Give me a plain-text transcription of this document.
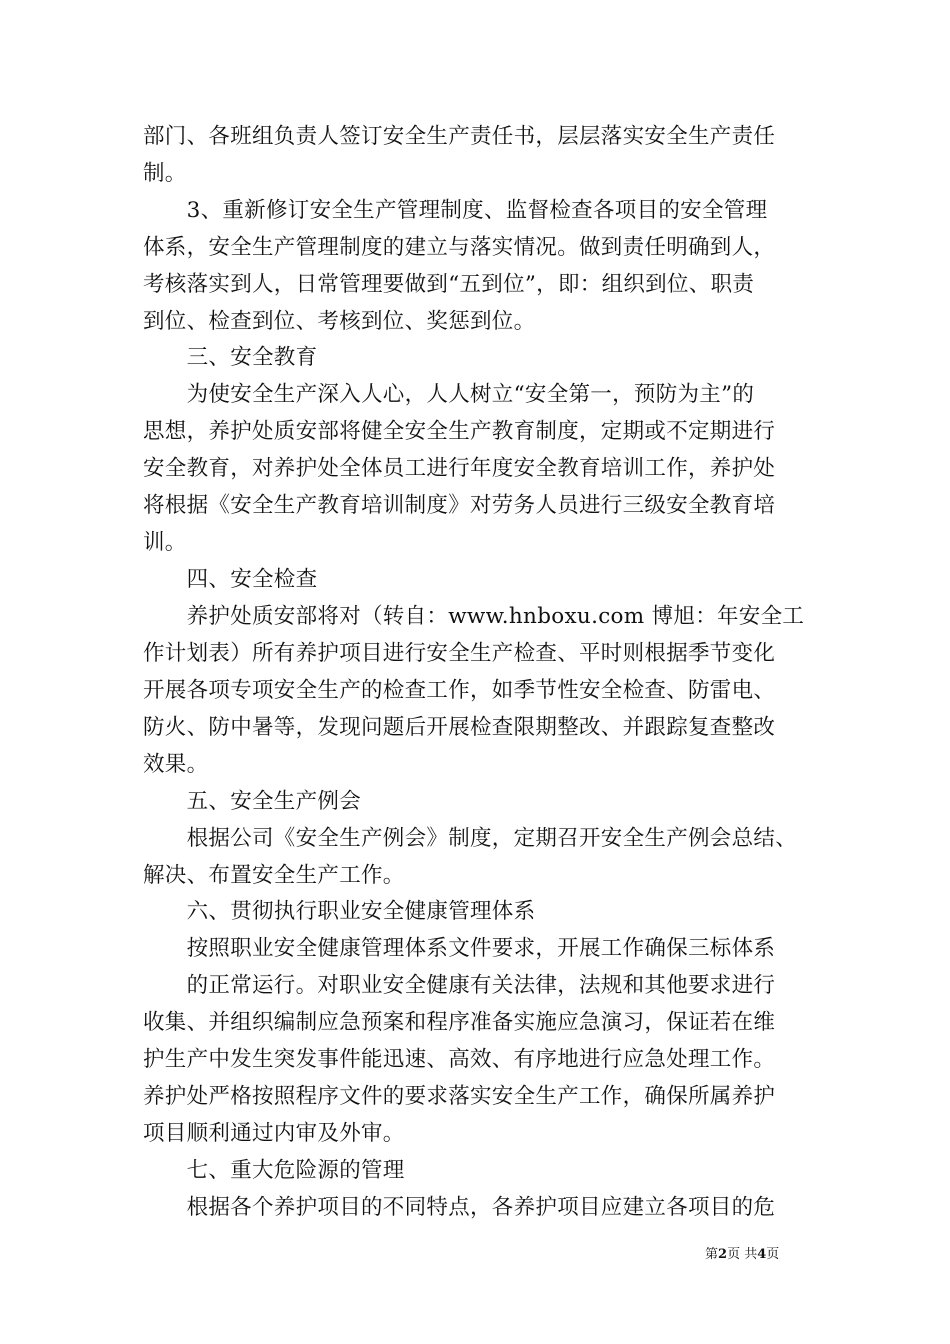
部门、各班组负责人签订安全生产责任书，层层落实安全生产责任
制。
　　3、重新修订安全生产管理制度、监督检查各项目的安全管理
体系，安全生产管理制度的建立与落实情况。做到责任明确到人，
考核落实到人，日常管理要做到“五到位”，即：组织到位、职责
到位、检查到位、考核到位、奖惩到位。
　　三、安全教育
　　为使安全生产深入人心，人人树立“安全第一，预防为主”的
思想，养护处质安部将健全安全生产教育制度，定期或不定期进行
安全教育，对养护处全体员工进行年度安全教育培训工作，养护处
将根据《安全生产教育培训制度》对劳务人员进行三级安全教育培
训。
　　四、安全检查
　　养护处质安部将对（转自：www.hnboxu.com 博旭：年安全工
作计划表）所有养护项目进行安全生产检查、平时则根据季节变化
开展各项专项安全生产的检查工作，如季节性安全检查、防雷电、
防火、防中暑等，发现问题后开展检查限期整改、并跟踪复查整改
效果。
　　五、安全生产例会
　　根据公司《安全生产例会》制度，定期召开安全生产例会总结、
解决、布置安全生产工作。
　　六、贯彻执行职业安全健康管理体系
　　按照职业安全健康管理体系文件要求，开展工作确保三标体系
　　的正常运行。对职业安全健康有关法律，法规和其他要求进行
收集、并组织编制应急预案和程序准备实施应急演习，保证若在维
护生产中发生突发事件能迅速、高效、有序地进行应急处理工作。
养护处严格按照程序文件的要求落实安全生产工作，确保所属养护
项目顺利通过内审及外审。
　　七、重大危险源的管理
　　根据各个养护项目的不同特点，各养护项目应建立各项目的危
第2页 共4页
